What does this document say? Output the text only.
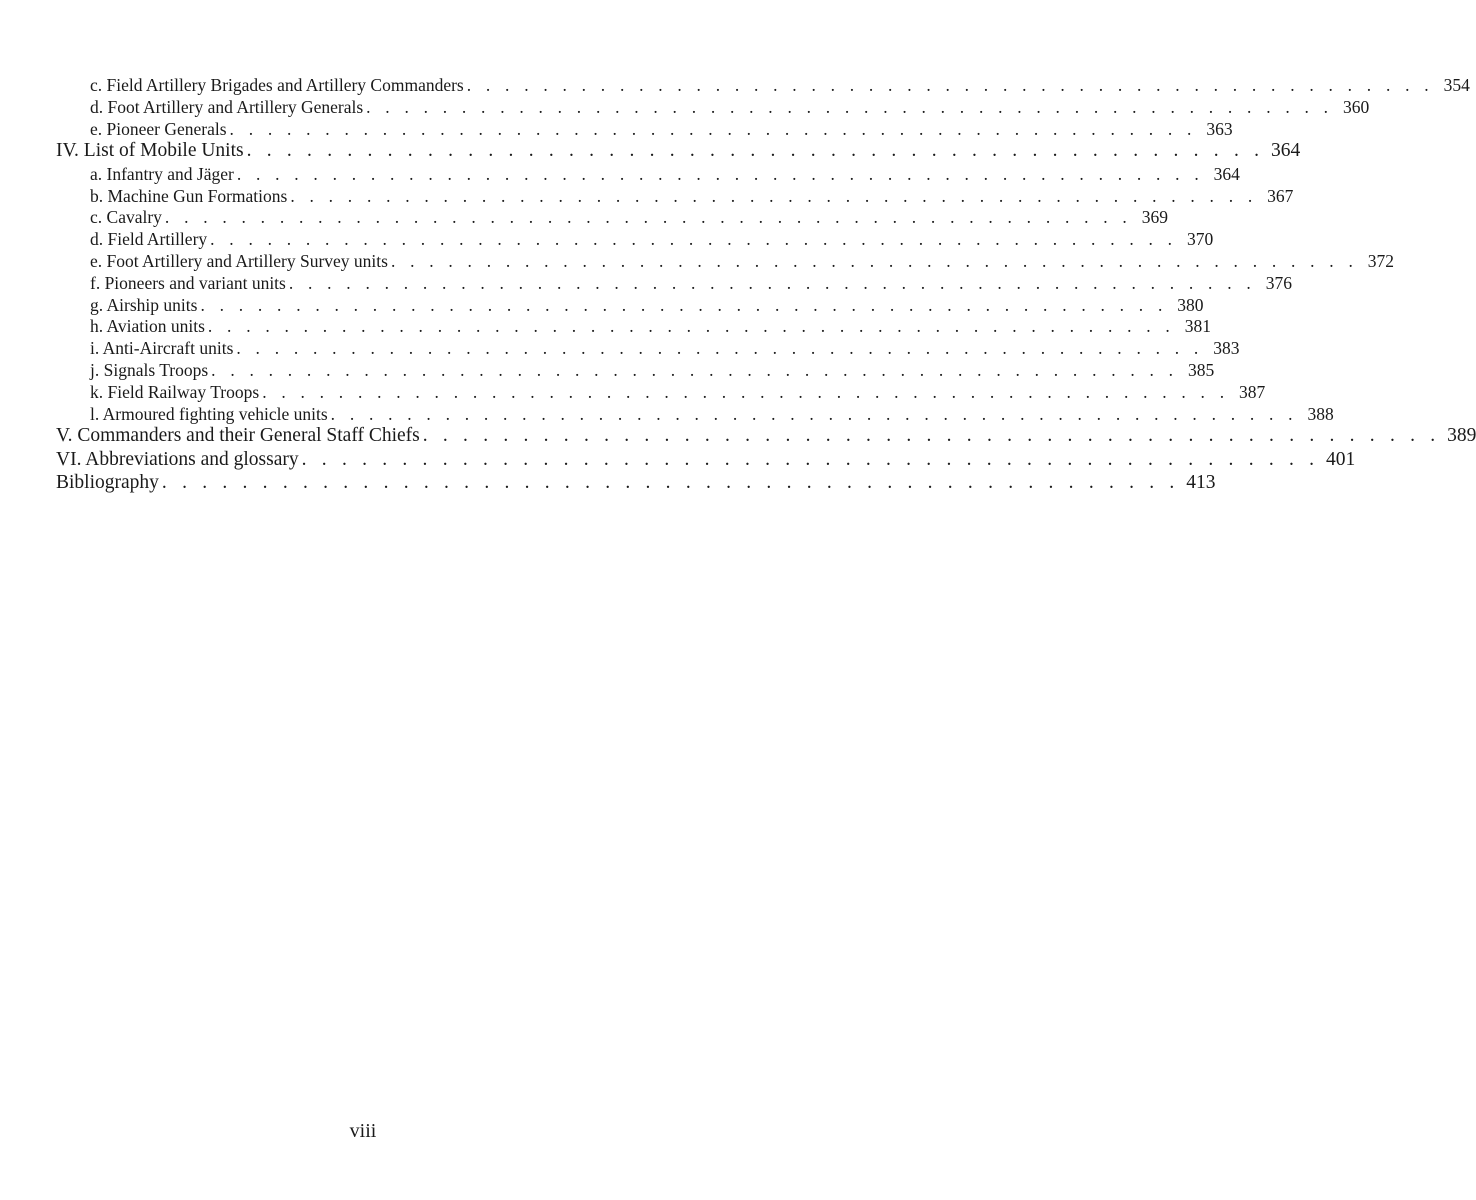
c. Field Artillery Brigades and Artillery Commanders . . . . . . . . . . . . . . . . . . . . . . . . . . . . . . . . . . . . . . . . . . . . . . . . . . . 354
d. Foot Artillery and Artillery Generals . . . . . . . . . . . . . . . . . . . . . . . . . . . . . . . . . . . . . . . . . . . . . . . . . . . 360
e. Pioneer Generals . . . . . . . . . . . . . . . . . . . . . . . . . . . . . . . . . . . . . . . . . . . . . . . . . . . 363
IV. List of Mobile Units . . . . . . . . . . . . . . . . . . . . . . . . . . . . . . . . . . . . . . . . . . . . . . . . . . . 364
a. Infantry and Jäger . . . . . . . . . . . . . . . . . . . . . . . . . . . . . . . . . . . . . . . . . . . . . . . . . . . 364
b. Machine Gun Formations . . . . . . . . . . . . . . . . . . . . . . . . . . . . . . . . . . . . . . . . . . . . . . . . . . . 367
c. Cavalry . . . . . . . . . . . . . . . . . . . . . . . . . . . . . . . . . . . . . . . . . . . . . . . . . . . 369
d. Field Artillery . . . . . . . . . . . . . . . . . . . . . . . . . . . . . . . . . . . . . . . . . . . . . . . . . . . 370
e. Foot Artillery and Artillery Survey units . . . . . . . . . . . . . . . . . . . . . . . . . . . . . . . . . . . . . . . . . . . . . . . . . . . 372
f. Pioneers and variant units . . . . . . . . . . . . . . . . . . . . . . . . . . . . . . . . . . . . . . . . . . . . . . . . . . . 376
g. Airship units . . . . . . . . . . . . . . . . . . . . . . . . . . . . . . . . . . . . . . . . . . . . . . . . . . . 380
h. Aviation units . . . . . . . . . . . . . . . . . . . . . . . . . . . . . . . . . . . . . . . . . . . . . . . . . . . 381
i. Anti-Aircraft units . . . . . . . . . . . . . . . . . . . . . . . . . . . . . . . . . . . . . . . . . . . . . . . . . . . 383
j. Signals Troops . . . . . . . . . . . . . . . . . . . . . . . . . . . . . . . . . . . . . . . . . . . . . . . . . . . 385
k. Field Railway Troops . . . . . . . . . . . . . . . . . . . . . . . . . . . . . . . . . . . . . . . . . . . . . . . . . . . 387
l. Armoured fighting vehicle units . . . . . . . . . . . . . . . . . . . . . . . . . . . . . . . . . . . . . . . . . . . . . . . . . . . 388
V. Commanders and their General Staff Chiefs . . . . . . . . . . . . . . . . . . . . . . . . . . . . . . . . . . . . . . . . . . . . . . . . . . . 389
VI. Abbreviations and glossary . . . . . . . . . . . . . . . . . . . . . . . . . . . . . . . . . . . . . . . . . . . . . . . . . . . 401
Bibliography . . . . . . . . . . . . . . . . . . . . . . . . . . . . . . . . . . . . . . . . . . . . . . . . . . . 413
viii
